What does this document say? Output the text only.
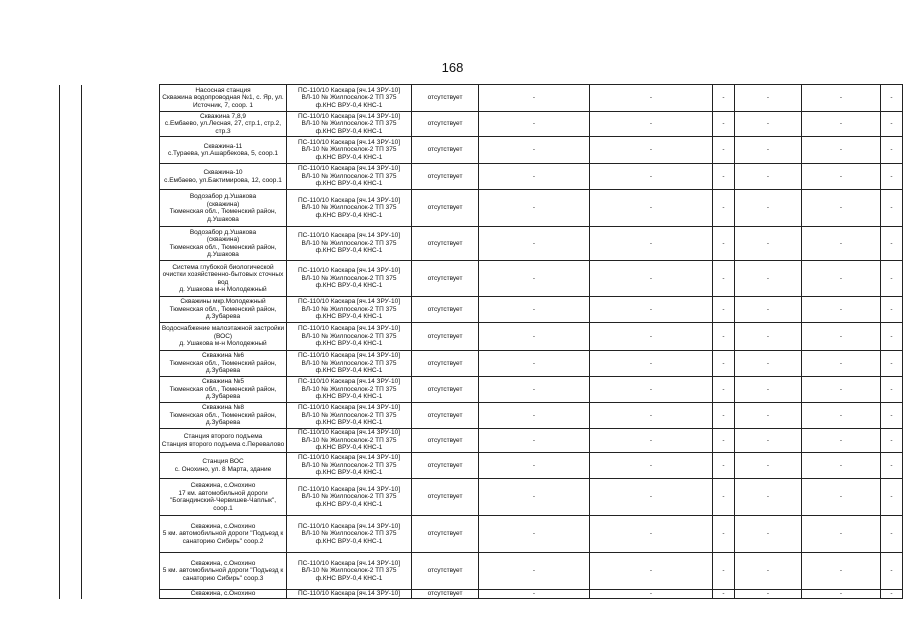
168
		Насосная станция
Скважина водопроводная №1, с. Яр, ул. Источник, 7, соор. 1	ПС-110/10 Каскара [яч.14 ЗРУ-10]
ВЛ-10 № Жилпоселок-2 ТП 375
ф.КНС ВРУ-0,4 КНС-1	отсутствует	-	-	-	-	-	-
		Скважина 7,8,9
с.Ембаево, ул.Лесная, 27, стр.1, стр.2, стр.3	ПС-110/10 Каскара [яч.14 ЗРУ-10]
ВЛ-10 № Жилпоселок-2 ТП 375
ф.КНС ВРУ-0,4 КНС-1	отсутствует	-	-	-	-	-	-
		Скважина-11
с.Тураева, ул.Ашарбекова, 5, соор.1	ПС-110/10 Каскара [яч.14 ЗРУ-10]
ВЛ-10 № Жилпоселок-2 ТП 375
ф.КНС ВРУ-0,4 КНС-1	отсутствует	-	-	-	-	-	-
		Скважина-10
с.Ембаево, ул.Бактимирова, 12, соор.1	ПС-110/10 Каскара [яч.14 ЗРУ-10]
ВЛ-10 № Жилпоселок-2 ТП 375
ф.КНС ВРУ-0,4 КНС-1	отсутствует	-	-	-	-	-	-
		Водозабор д.Ушакова
(скважина)
Тюменская обл., Тюменский район, д.Ушакова	ПС-110/10 Каскара [яч.14 ЗРУ-10]
ВЛ-10 № Жилпоселок-2 ТП 375
ф.КНС ВРУ-0,4 КНС-1	отсутствует	-	-	-	-	-	-
		Водозабор д.Ушакова
(скважина)
Тюменская обл., Тюменский район, д.Ушакова	ПС-110/10 Каскара [яч.14 ЗРУ-10]
ВЛ-10 № Жилпоселок-2 ТП 375
ф.КНС ВРУ-0,4 КНС-1	отсутствует	-	-	-	-	-	-
		Система глубокой биологической очистки хозяйственно-бытовых сточных вод
д. Ушакова м-н Молодежный	ПС-110/10 Каскара [яч.14 ЗРУ-10]
ВЛ-10 № Жилпоселок-2 ТП 375
ф.КНС ВРУ-0,4 КНС-1	отсутствует	-	-	-	-	-	-
		Скважины мкр.Молодежный
Тюменская обл., Тюменский район, д.Зубарева	ПС-110/10 Каскара [яч.14 ЗРУ-10]
ВЛ-10 № Жилпоселок-2 ТП 375
ф.КНС ВРУ-0,4 КНС-1	отсутствует	-	-	-	-	-	-
		Водоснабжение малоэтажной застройки (ВОС)
д. Ушакова м-н Молодежный	ПС-110/10 Каскара [яч.14 ЗРУ-10]
ВЛ-10 № Жилпоселок-2 ТП 375
ф.КНС ВРУ-0,4 КНС-1	отсутствует	-	-	-	-	-	-
		Скважина №6
Тюменская обл., Тюменский район, д.Зубарева	ПС-110/10 Каскара [яч.14 ЗРУ-10]
ВЛ-10 № Жилпоселок-2 ТП 375
ф.КНС ВРУ-0,4 КНС-1	отсутствует	-	-	-	-	-	-
		Скважина №5
Тюменская обл., Тюменский район, д.Зубарева	ПС-110/10 Каскара [яч.14 ЗРУ-10]
ВЛ-10 № Жилпоселок-2 ТП 375
ф.КНС ВРУ-0,4 КНС-1	отсутствует	-	-	-	-	-	-
		Скважина №8
Тюменская обл., Тюменский район, д.Зубарева	ПС-110/10 Каскара [яч.14 ЗРУ-10]
ВЛ-10 № Жилпоселок-2 ТП 375
ф.КНС ВРУ-0,4 КНС-1	отсутствует	-	-	-	-	-	-
		Станция второго подъема
Станция второго подъема с.Перевалово	ПС-110/10 Каскара [яч.14 ЗРУ-10]
ВЛ-10 № Жилпоселок-2 ТП 375
ф.КНС ВРУ-0,4 КНС-1	отсутствует	-	-	-	-	-	-
		Станция ВОС
с. Онохино, ул. 8 Марта, здание	ПС-110/10 Каскара [яч.14 ЗРУ-10]
ВЛ-10 № Жилпоселок-2 ТП 375
ф.КНС ВРУ-0,4 КНС-1	отсутствует	-	-	-	-	-	-
		Скважина, с.Онохино
17 км. автомобильной дороги "Богандинский-Червишев-Чаплык", соор.1	ПС-110/10 Каскара [яч.14 ЗРУ-10]
ВЛ-10 № Жилпоселок-2 ТП 375
ф.КНС ВРУ-0,4 КНС-1	отсутствует	-	-	-	-	-	-
		Скважина, с.Онохино
5 км. автомобильной дороги "Подъезд к санаторию Сибирь" соор.2	ПС-110/10 Каскара [яч.14 ЗРУ-10]
ВЛ-10 № Жилпоселок-2 ТП 375
ф.КНС ВРУ-0,4 КНС-1	отсутствует	-	-	-	-	-	-
		Скважина, с.Онохино
5 км. автомобильной дороги "Подъезд к санаторию Сибирь" соор.3	ПС-110/10 Каскара [яч.14 ЗРУ-10]
ВЛ-10 № Жилпоселок-2 ТП 375
ф.КНС ВРУ-0,4 КНС-1	отсутствует	-	-	-	-	-	-
		Скважина, с.Онохино	ПС-110/10 Каскара [яч.14 ЗРУ-10]	отсутствует	-	-	-	-	-	-
